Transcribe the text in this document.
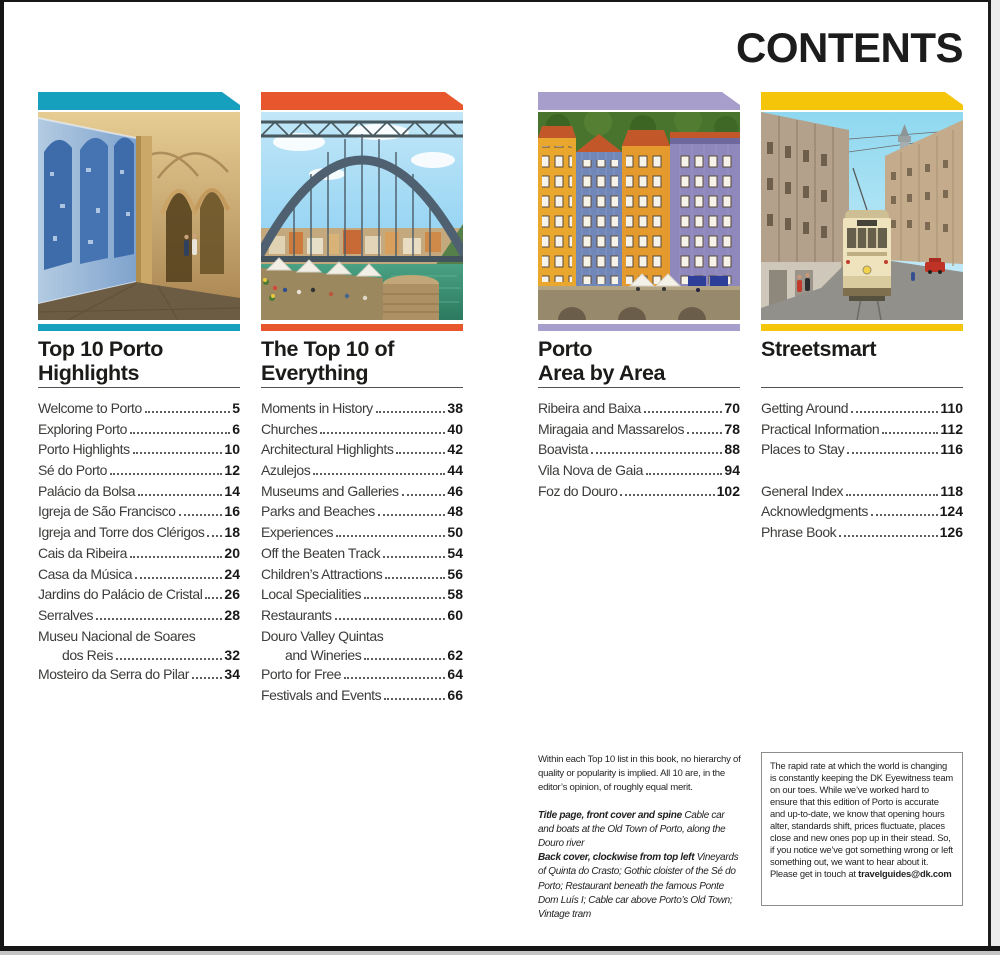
CONTENTS
Top 10 Porto
Highlights
Welcome to Porto	5
Exploring Porto	6
Porto Highlights	10
Sé do Porto	12
Palácio da Bolsa	14
Igreja de São Francisco	16
Igreja and Torre dos Clérigos 18
Cais da Ribeira	20
Casa da Música	24
Jardins do Palácio de Cristal 26
Serralves	28
Museu Nacional de Soares
dos Reis	32
Mosteiro da Serra do Pilar	34
The Top 10 of
Everything
Moments in History	38
Churches	40
Architectural Highlights	42
Azulejos	44
Museums and Galleries	46
Parks and Beaches	48
Experiences	50
Off the Beaten Track	54
Children’s Attractions	56
Local Specialities	58
Restaurants	60
Douro Valley Quintas
and Wineries	62
Porto for Free	64
Festivals and Events	66
Porto
Area by Area
Ribeira and Baixa	70
Miragaia and Massarelos	78
Boavista	88
Vila Nova de Gaia	94
Foz do Douro	102
Streetsmart
Getting Around	110
Practical Information	112
Places to Stay	116
General Index	118
Acknowledgments	124
Phrase Book	126

Within each Top 10 list in this book, no hierarchy of quality or popularity is implied. All 10 are, in the editor’s opinion, of roughly equal merit.

Title page, front cover and spine Cable car and boats at the Old Town of Porto, along the Douro river

Back cover, clockwise from top left Vineyards of Quinta do Crasto; Gothic cloister of the Sé do Porto; Restaurant beneath the famous Ponte Dom Luís I; Cable car above Porto’s Old Town; Vintage tram

The rapid rate at which the world is changing is constantly keeping the DK Eyewitness team on our toes. While we’ve worked hard to ensure that this edition of Porto is accurate and up-to-date, we know that opening hours alter, standards shift, prices fluctuate, places close and new ones pop up in their stead. So, if you notice we’ve got something wrong or left something out, we want to hear about it. Please get in touch at travelguides@dk.com
